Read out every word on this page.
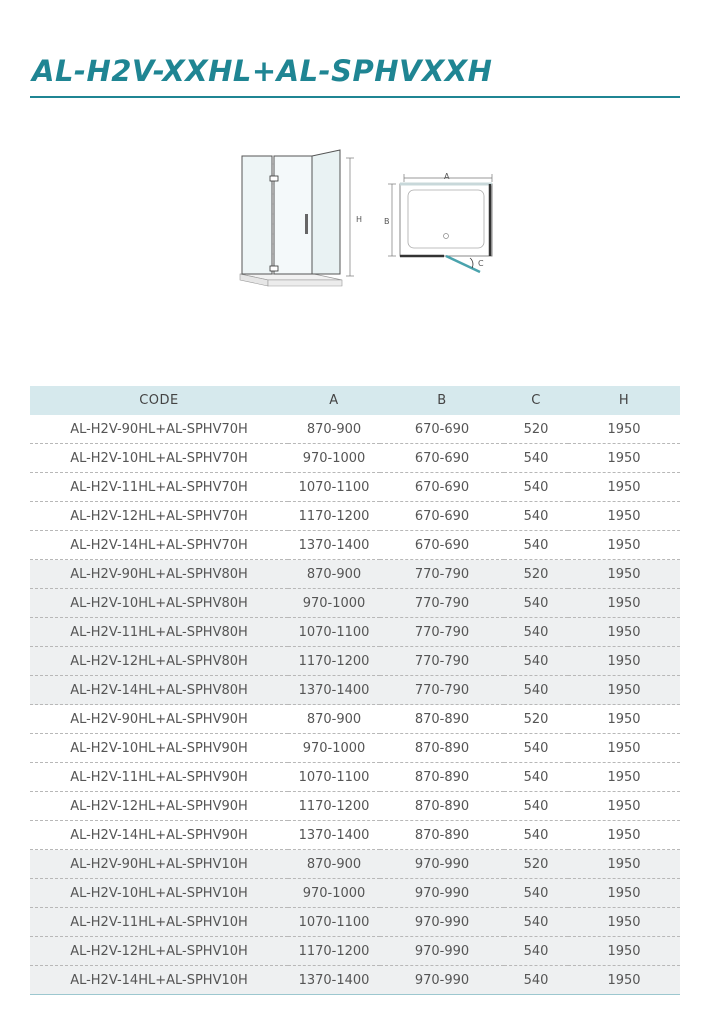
AL-H2V-XXHL+AL-SPHVXXH
H
A
C
B
CODE	A	B	C	H
AL-H2V-90HL+AL-SPHV70H	870-900	670-690	520	1950
AL-H2V-10HL+AL-SPHV70H	970-1000	670-690	540	1950
AL-H2V-11HL+AL-SPHV70H	1070-1100	670-690	540	1950
AL-H2V-12HL+AL-SPHV70H	1170-1200	670-690	540	1950
AL-H2V-14HL+AL-SPHV70H	1370-1400	670-690	540	1950
AL-H2V-90HL+AL-SPHV80H	870-900	770-790	520	1950
AL-H2V-10HL+AL-SPHV80H	970-1000	770-790	540	1950
AL-H2V-11HL+AL-SPHV80H	1070-1100	770-790	540	1950
AL-H2V-12HL+AL-SPHV80H	1170-1200	770-790	540	1950
AL-H2V-14HL+AL-SPHV80H	1370-1400	770-790	540	1950
AL-H2V-90HL+AL-SPHV90H	870-900	870-890	520	1950
AL-H2V-10HL+AL-SPHV90H	970-1000	870-890	540	1950
AL-H2V-11HL+AL-SPHV90H	1070-1100	870-890	540	1950
AL-H2V-12HL+AL-SPHV90H	1170-1200	870-890	540	1950
AL-H2V-14HL+AL-SPHV90H	1370-1400	870-890	540	1950
AL-H2V-90HL+AL-SPHV10H	870-900	970-990	520	1950
AL-H2V-10HL+AL-SPHV10H	970-1000	970-990	540	1950
AL-H2V-11HL+AL-SPHV10H	1070-1100	970-990	540	1950
AL-H2V-12HL+AL-SPHV10H	1170-1200	970-990	540	1950
AL-H2V-14HL+AL-SPHV10H	1370-1400	970-990	540	1950
